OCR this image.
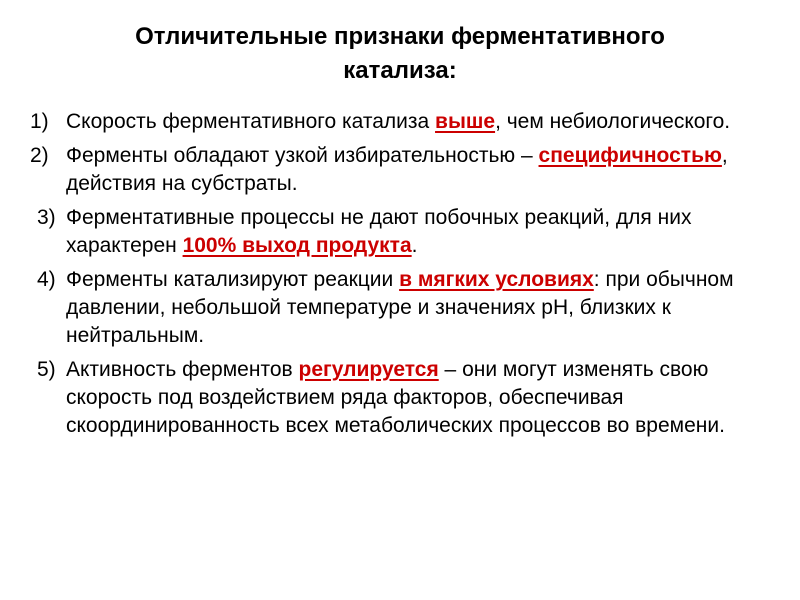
Отличительные признаки ферментативного
катализа:
1) Скорость ферментативного катализа выше, чем небиологического.
2) Ферменты обладают узкой избирательностью – специфичностью, действия на субстраты.
3) Ферментативные процессы не дают побочных реакций, для них характерен 100% выход продукта.
4) Ферменты катализируют реакции в мягких условиях: при обычном давлении, небольшой температуре и значениях рН, близких к нейтральным.
5) Активность ферментов регулируется – они могут изменять свою скорость под воздействием ряда факторов, обеспечивая скоординированность всех метаболических процессов во времени.
